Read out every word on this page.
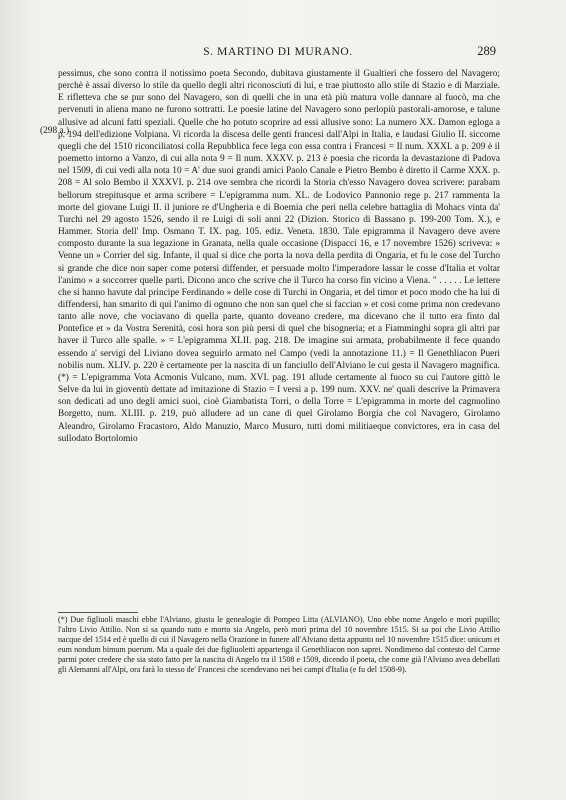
S. MARTINO DI MURANO.	289
(298 a.)

pessimus, che sono contra il notissimo poeta Secondo, dubitava giustamente il Gualtieri che fossero del Navagero; perchè è assai diverso lo stile da quello degli altri riconosciuti di lui, e trae piuttosto allo stile di Stazio e di Marziale. E riflettevа che se pur sono del Navagero, son di quelli che in una età più matura volle dannare al fuocò, ma che pervenuti in aliena mano ne furono sottratti. Le poesie latine del Navagero sono perlopiù pastorali-amorose, e talune allusive ad alcuni fatti speziali. Quelle che ho potuto scoprire ad essi allusive sono: La numero XX. Damon egloga a p. 194 dell'edizione Volpiana. Vi ricorda la discesa delle genti francesi dall'Alpi in Italia, e laudasi Giulio II. siccome quegli che del 1510 riconciliatosi colla Repubblica fece lega con essa contra i Francesi = Il num. XXXI. a p. 209 è il poemetto intorno a Vanzo, di cui alla nota 9 = Il num. XXXV. p. 213 è poesia che ricorda la devastazione di Padova nel 1509, di cui vedi alla nota 10 = A' due suoi grandi amici Paolo Canale e Pietro Bembo è diretto il Carme XXX. p. 208 = Al solo Bembo il XXXVI. p. 214 ove sembra che ricordi la Storia ch'esso Navagero dovea scrivere: parabam bellorum strepitusque et arma scribere = L'epigramma num. XL. de Lodovico Pannonio rege p. 217 rammenta la morte del giovane Luigi II. il juniore re d'Ungheria e di Boemia che perì nella celebre battaglia di Mohacs vinta da' Turchi nel 29 agosto 1526, sendo il re Luigi di soli anni 22 (Dizion. Storico di Bassano p. 199-200 Tom. X.), e Hammer. Storia dell' Imp. Osmano T. IX. pag. 105. ediz. Veneta. 1830. Tale epigramma il Navagero deve avere composto durante la sua legazione in Granata, nella quale occasione (Dispacci 16, e 17 novembre 1526) scriveva: » Venne un » Corrier del sig. Infante, il qual si dice che porta la nova della perdita di Ongaria, et fu le cose del Turcho si grande che dice non saper come potersi diffender, et persuade molto l'imperadore lassar le cosse d'Italia et voltar l'animo » a soccorrer quelle parti. Dicono anco che scrive che il Turco ha corso fin vicino a Viena. " . . . . . Le lettere che si hanno havute dal principe Ferdinando » delle cose di Turchi in Ongaria, et del timor et poco modo che ha lui di diffendersi, han smarito di qui l'animo di ognuno che non san quel che si faccian » et cosi come prima non credevano tanto alle nove, che vociavano di quella parte, quanto doveano credere, ma dicevano che il tutto era finto dal Pontefice et » da Vostra Serenità, così hora son più persi di quel che bisogneria; et a Fiamminghi sopra gli altri par haver il Turco alle spalle. » = L'epigramma XLII. pag. 218. De imagine sui armata, probabilmente il fece quando essendo a' servigi del Liviano dovea seguirlo armato nel Campo (vedi la annotazione 11.) = Il Genethliacon Pueri nobilis num. XLIV. p. 220 è certamente per la nascita di un fanciullo dell'Alviano le cui gesta il Navagero magnifica. (*) = L'epigramma Vota Acmonis Vulcano, num. XVI. pag. 191 allude certamente al fuoco su cui l'autore gittò le Selve da lui in gioventù dettate ad imitazione di Stazio = I versi a p. 199 num. XXV. ne' quali descrive la Primavera son dedicati ad uno degli amici suoi, cioè Giambatista Torri, o della Torre = L'epigramma in morte del cagnuolino Borgetto, num. XLIII. p. 219, può alludere ad un cane di quel Girolamo Borgia che col Navagero, Girolamo Aleandro, Girolamo Fracastoro, Aldo Manuzio, Marco Musuro, tutti domi militiaeque convictores, era in casa del sullodato Bortolomio

(*) Due figliuoli maschi ebbe l'Alviano, giusta le genealogie di Pompeo Litta (ALVIANO). Uno ebbe nome Angelo e morì pupillo; l'altro Livio Attilio. Non si sa quando nato e morto sia Angelo, però morì prima del 10 novembre 1515. Si sa poi che Livio Attilio nacque del 1514 ed è quello di cui il Navagero nella Orazione in funere all'Alviano detta appunto nel 10 novembre 1515 dice: unicum et eum nondum bimum puerum. Ma a quale dei due figliuoletti appartengа il Genethliacon non saprei. Nondimeno dal contesto del Carme parmi poter credere che sia stato fatto per la nascita di Angelo tra il 1508 e 1509, dicendo il poeta, che come già l'Alviano avea debellati gli Alemanni all'Alpi, ora farà lo stesso de' Francesi che scendevano nei bei campi d'Italia (e fu del 1508-9).
